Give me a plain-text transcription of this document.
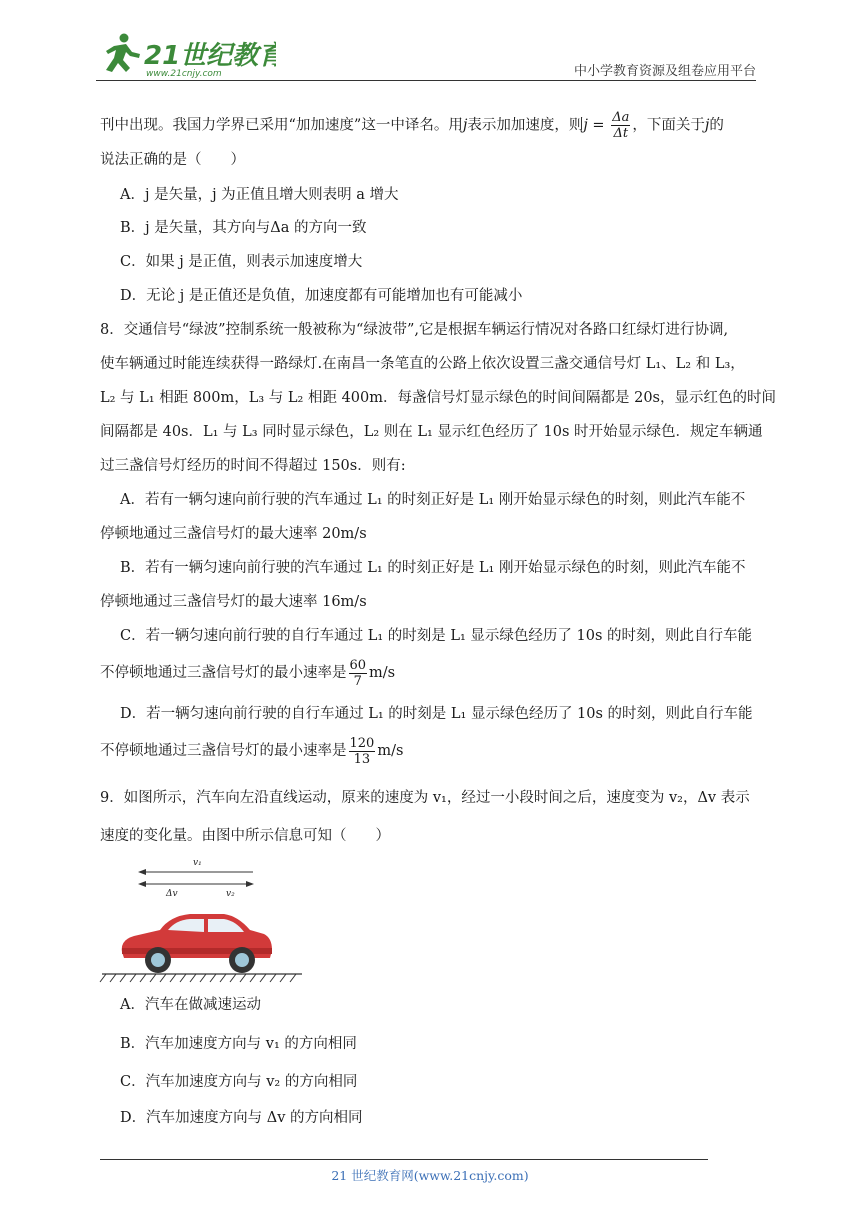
21世纪教育
www.21cnjy.com	中小学教育资源及组卷应用平台
刊中出现。我国力学界已采用“加加速度”这一中译名。用j表示加加速度，则$j = \frac{\Delta a}{\Delta t}$ ，下面关于j的
说法正确的是（　　）
A．j 是矢量，j 为正值且增大则表明 a 增大
B．j 是矢量，其方向与Δa 的方向一致
C．如果 j 是正值，则表示加速度增大
D．无论 j 是正值还是负值，加速度都有可能增加也有可能减小
8．交通信号“绿波”控制系统一般被称为“绿波带”,它是根据车辆运行情况对各路口红绿灯进行协调,
使车辆通过时能连续获得一路绿灯.在南昌一条笔直的公路上依次设置三盏交通信号灯 L₁、L₂ 和 L₃，
L₂ 与 L₁ 相距 800m，L₃ 与 L₂ 相距 400m．每盏信号灯显示绿色的时间间隔都是 20s，显示红色的时间
间隔都是 40s．L₁ 与 L₃ 同时显示绿色，L₂ 则在 L₁ 显示红色经历了 10s 时开始显示绿色．规定车辆通
过三盏信号灯经历的时间不得超过 150s．则有:
A．若有一辆匀速向前行驶的汽车通过 L₁ 的时刻正好是 L₁ 刚开始显示绿色的时刻，则此汽车能不
停顿地通过三盏信号灯的最大速率 20m/s
B．若有一辆匀速向前行驶的汽车通过 L₁ 的时刻正好是 L₁ 刚开始显示绿色的时刻，则此汽车能不
停顿地通过三盏信号灯的最大速率 16m/s
C．若一辆匀速向前行驶的自行车通过 L₁ 的时刻是 L₁ 显示绿色经历了 10s 的时刻，则此自行车能
不停顿地通过三盏信号灯的最小速率是 $\frac{60}{7} m/s$
D．若一辆匀速向前行驶的自行车通过 L₁ 的时刻是 L₁ 显示绿色经历了 10s 的时刻，则此自行车能
不停顿地通过三盏信号灯的最小速率是 $\frac{120}{13} m/s$
9．如图所示，汽车向左沿直线运动，原来的速度为 v₁，经过一小段时间之后，速度变为 v₂，Δv 表示
速度的变化量。由图中所示信息可知（　　）
v₁
Δv	v₂
A．汽车在做减速运动
B．汽车加速度方向与 v₁ 的方向相同
C．汽车加速度方向与 v₂ 的方向相同
D．汽车加速度方向与 Δv 的方向相同
21 世纪教育网(www.21cnjy.com)
